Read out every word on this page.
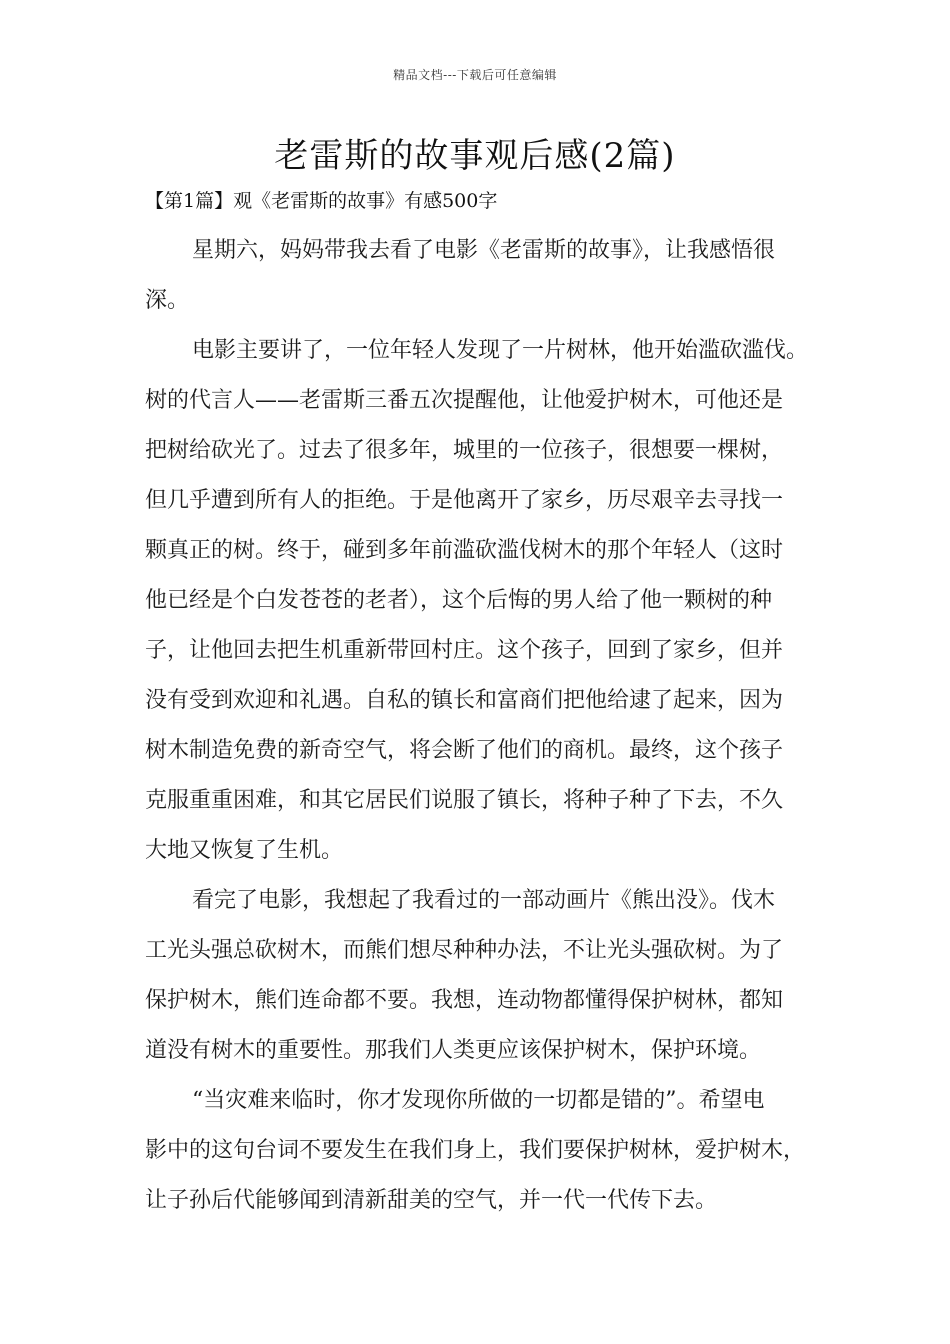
精品文档---下载后可任意编辑
老雷斯的故事观后感(2篇)
【第1篇】观《老雷斯的故事》有感500字
星期六，妈妈带我去看了电影《老雷斯的故事》，让我感悟很
深。
电影主要讲了，一位年轻人发现了一片树林，他开始滥砍滥伐。
树的代言人——老雷斯三番五次提醒他，让他爱护树木，可他还是
把树给砍光了。过去了很多年，城里的一位孩子，很想要一棵树，
但几乎遭到所有人的拒绝。于是他离开了家乡，历尽艰辛去寻找一
颗真正的树。终于，碰到多年前滥砍滥伐树木的那个年轻人（这时
他已经是个白发苍苍的老者），这个后悔的男人给了他一颗树的种
子，让他回去把生机重新带回村庄。这个孩子，回到了家乡，但并
没有受到欢迎和礼遇。自私的镇长和富商们把他给逮了起来，因为
树木制造免费的新奇空气，将会断了他们的商机。最终，这个孩子
克服重重困难，和其它居民们说服了镇长，将种子种了下去，不久
大地又恢复了生机。
看完了电影，我想起了我看过的一部动画片《熊出没》。伐木
工光头强总砍树木，而熊们想尽种种办法，不让光头强砍树。为了
保护树木，熊们连命都不要。我想，连动物都懂得保护树林，都知
道没有树木的重要性。那我们人类更应该保护树木，保护环境。
“当灾难来临时，你才发现你所做的一切都是错的”。希望电
影中的这句台词不要发生在我们身上，我们要保护树林，爱护树木，
让子孙后代能够闻到清新甜美的空气，并一代一代传下去。
